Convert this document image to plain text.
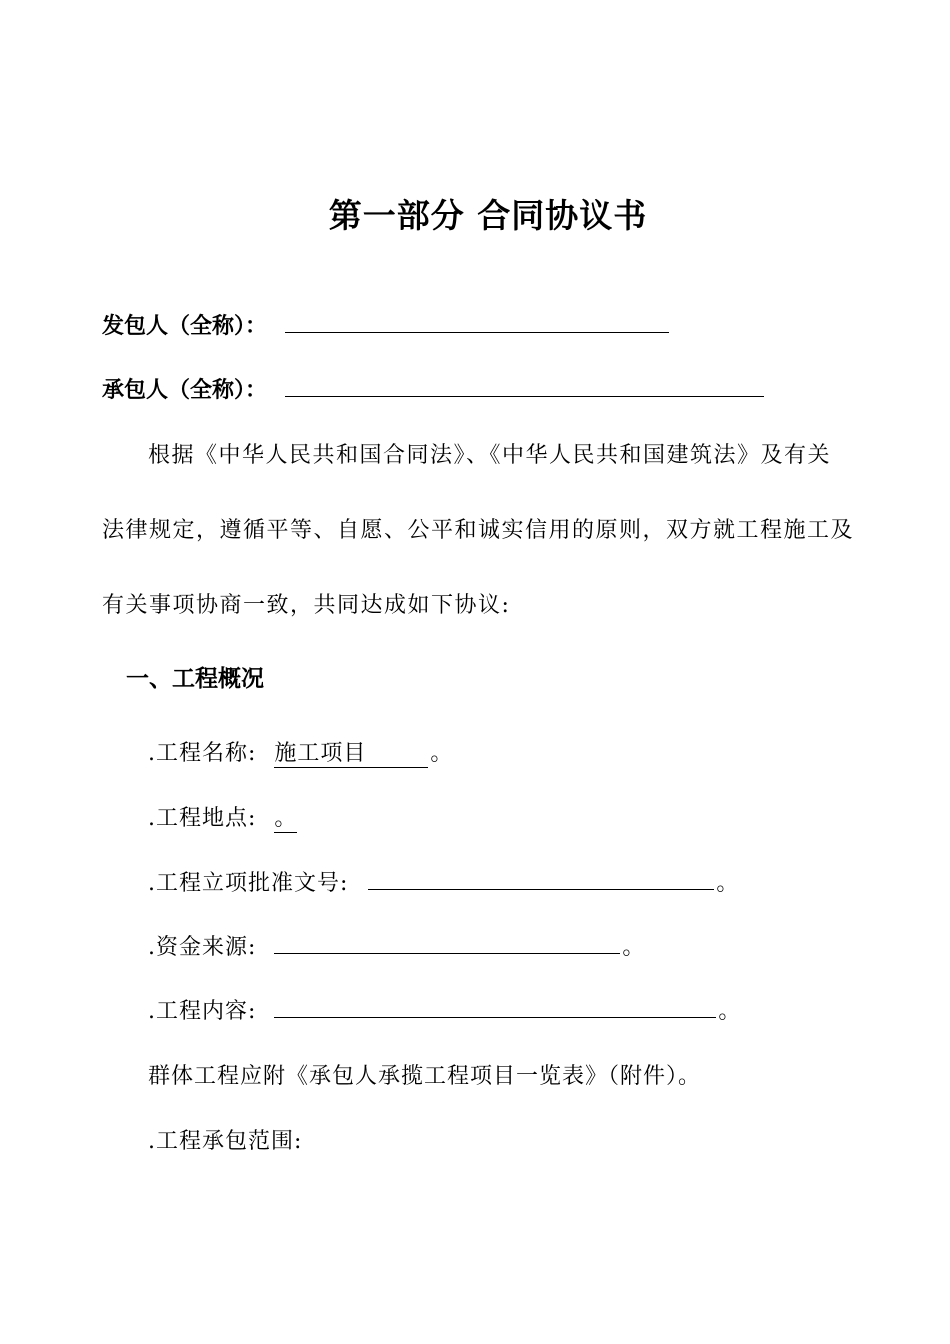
第一部分 合同协议书
发包人（全称）：
承包人（全称）：
根据《中华人民共和国合同法》、《中华人民共和国建筑法》及有关
法律规定，遵循平等、自愿、公平和诚实信用的原则，双方就工程施工及
有关事项协商一致，共同达成如下协议:
一、工程概况
.工程名称: 施工项目	。
.工程地点: 。
.工程立项批准文号:	。
.资金来源:	。
.工程内容:	。
群体工程应附《承包人承揽工程项目一览表》（附件）。
.工程承包范围:
